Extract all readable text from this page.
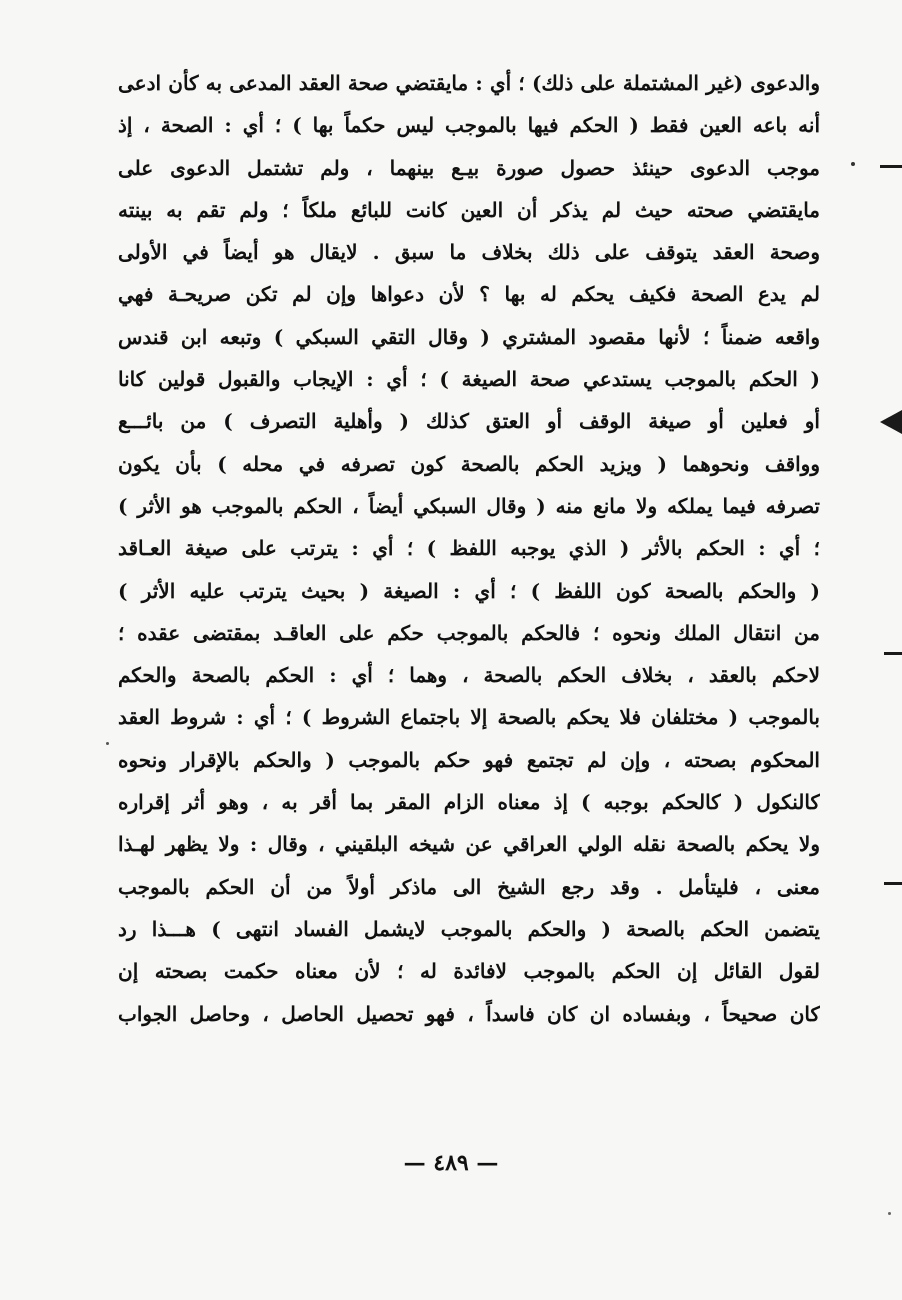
والدعوى (غير المشتملة على ذلك) ؛ أي : مايقتضي صحة العقد المدعى به كأن ادعى
أنه باعه العين فقط ( الحكم فيها بالموجب ليس حكماً بها ) ؛ أي : الصحة ، إذ
موجب الدعوى حينئذ حصول صورة بيـع بينهما ، ولم تشتمل الدعوى على
مايقتضي صحته حيث لم يذكر أن العين كانت للبائع ملكاً ؛ ولم تقم به بينته
وصحة العقد يتوقف على ذلك بخلاف ما سبق . لايقال هو أيضاً في الأولى
لم يدع الصحة فكيف يحكم له بها ؟ لأن دعواها وإن لم تكن صريحـة فهي
واقعه ضمناً ؛ لأنها مقصود المشتري ( وقال التقي السبكي ) وتبعه ابن قندس
( الحكم بالموجب يستدعي صحة الصيغة ) ؛ أي : الإيجاب والقبول قولين كانا
أو فعلين أو صيغة الوقف أو العتق كذلك ( وأهلية التصرف ) من بائـــع
وواقف ونحوهما ( ويزيد الحكم بالصحة كون تصرفه في محله ) بأن يكون
تصرفه فيما يملكه ولا مانع منه ( وقال السبكي أيضاً ، الحكم بالموجب هو الأثر )
؛ أي : الحكم بالأثر ( الذي يوجبه اللفظ ) ؛ أي : يترتب على صيغة العـاقد
( والحكم بالصحة كون اللفظ ) ؛ أي : الصيغة ( بحيث يترتب عليه الأثر )
من انتقال الملك ونحوه ؛ فالحكم بالموجب حكم على العاقـد بمقتضى عقده ؛
لاحكم بالعقد ، بخلاف الحكم بالصحة ، وهما ؛ أي : الحكم بالصحة والحكم
بالموجب ( مختلفان فلا يحكم بالصحة إلا باجتماع الشروط ) ؛ أي : شروط العقد
المحكوم بصحته ، وإن لم تجتمع فهو حكم بالموجب ( والحكم بالإقرار ونحوه
كالنكول ( كالحكم بوجبه ) إذ معناه الزام المقر بما أقر به ، وهو أثر إقراره
ولا يحكم بالصحة نقله الولي العراقي عن شيخه البلقيني ، وقال : ولا يظهر لهـذا
معنى ، فليتأمل . وقد رجع الشيخ الى ماذكر أولاً من أن الحكم بالموجب
يتضمن الحكم بالصحة ( والحكم بالموجب لايشمل الفساد انتهى ) هـــذا رد
لقول القائل إن الحكم بالموجب لافائدة له ؛ لأن معناه حكمت بصحته إن
كان صحيحاً ، وبفساده ان كان فاسداً ، فهو تحصيل الحاصل ، وحاصل الجواب
— ٤٨٩ —
